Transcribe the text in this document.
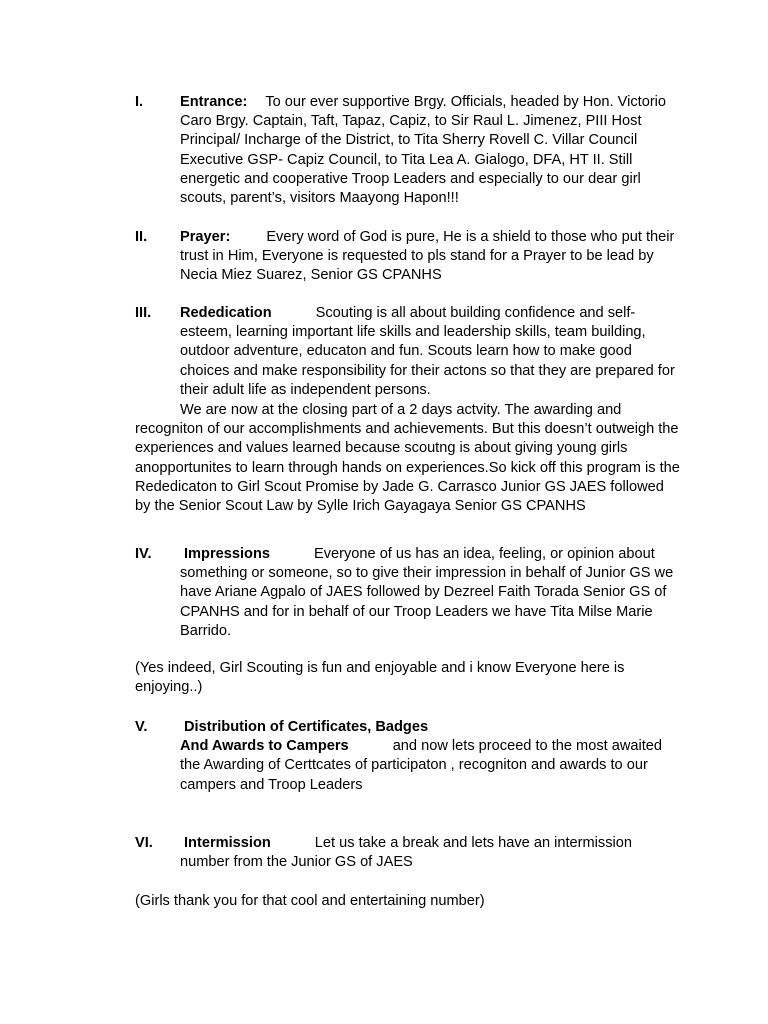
I.	Entrance: To our ever supportive Brgy. Officials, headed by Hon. Victorio Caro Brgy. Captain, Taft, Tapaz, Capiz, to Sir Raul L. Jimenez, PIII Host Principal/ Incharge of the District, to Tita Sherry Rovell C. Villar Council Executive GSP- Capiz Council, to Tita Lea A. Gialogo, DFA, HT II. Still energetic and cooperative Troop Leaders and especially to our dear girl scouts, parent’s, visitors Maayong Hapon!!!
II. Prayer: Every word of God is pure, He is a shield to those who put their trust in Him, Everyone is requested to pls stand for a Prayer to be lead by Necia Miez Suarez, Senior GS CPANHS
III. Rededication	Scouting is all about building confidence and self-esteem, learning important life skills and leadership skills, team building, outdoor adventure, educaton and fun. Scouts learn how to make good choices and make responsibility for their actons so that they are prepared for their adult life as independent persons.
We are now at the closing part of a 2 days actvity. The awarding and recogniton of our accomplishments and achievements. But this doesn’t outweigh the experiences and values learned because scoutng is about giving young girls anopportunites to learn through hands on experiences.So kick off this program is the Rededicaton to Girl Scout Promise by Jade G. Carrasco Junior GS JAES followed by the Senior Scout Law by Sylle Irich Gayagaya Senior GS CPANHS
IV. Impressions	Everyone of us has an idea, feeling, or opinion about something or someone, so to give their impression in behalf of Junior GS we have Ariane Agpalo of JAES followed by Dezreel Faith Torada Senior GS of CPANHS and for in behalf of our Troop Leaders we have Tita Milse Marie Barrido.
(Yes indeed, Girl Scouting is fun and enjoyable and i know Everyone here is enjoying..)
V.	Distribution of Certificates, Badges
And Awards to Campers	and now lets proceed to the most awaited the Awarding of Certtcates of participaton , recogniton and awards to our campers and Troop Leaders
VI. Intermission	Let us take a break and lets have an intermission number from the Junior GS of JAES
(Girls thank you for that cool and entertaining number)
